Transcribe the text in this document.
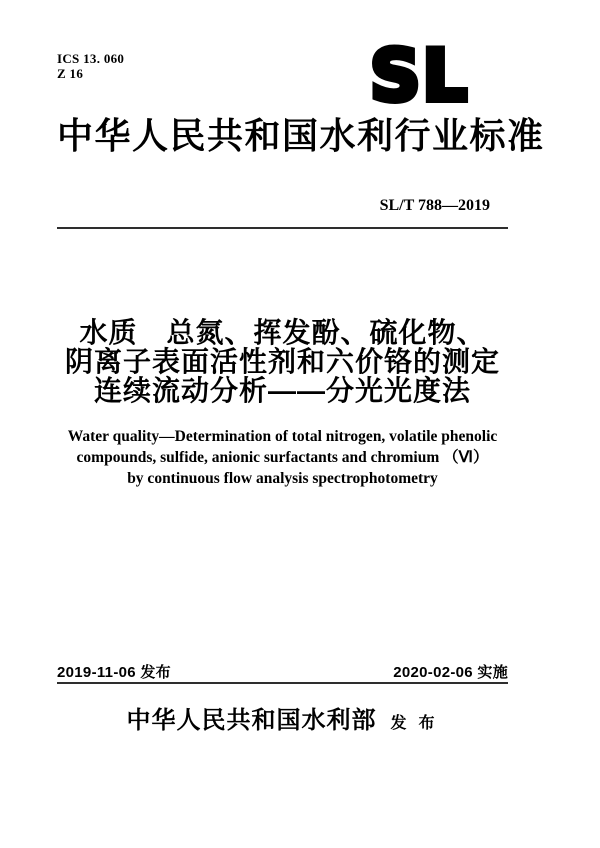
ICS 13. 060
Z 16	SL
中华人民共和国水利行业标准
SL/T 788—2019
水质　总氮、挥发酚、硫化物、
阴离子表面活性剂和六价铬的测定
连续流动分析——分光光度法
Water quality—Determination of total nitrogen, volatile phenolic
compounds, sulfide, anionic surfactants and chromium （Ⅵ）
by continuous flow analysis spectrophotometry
2019-11-06 发布	2020-02-06 实施
中华人民共和国水利部 发 布
